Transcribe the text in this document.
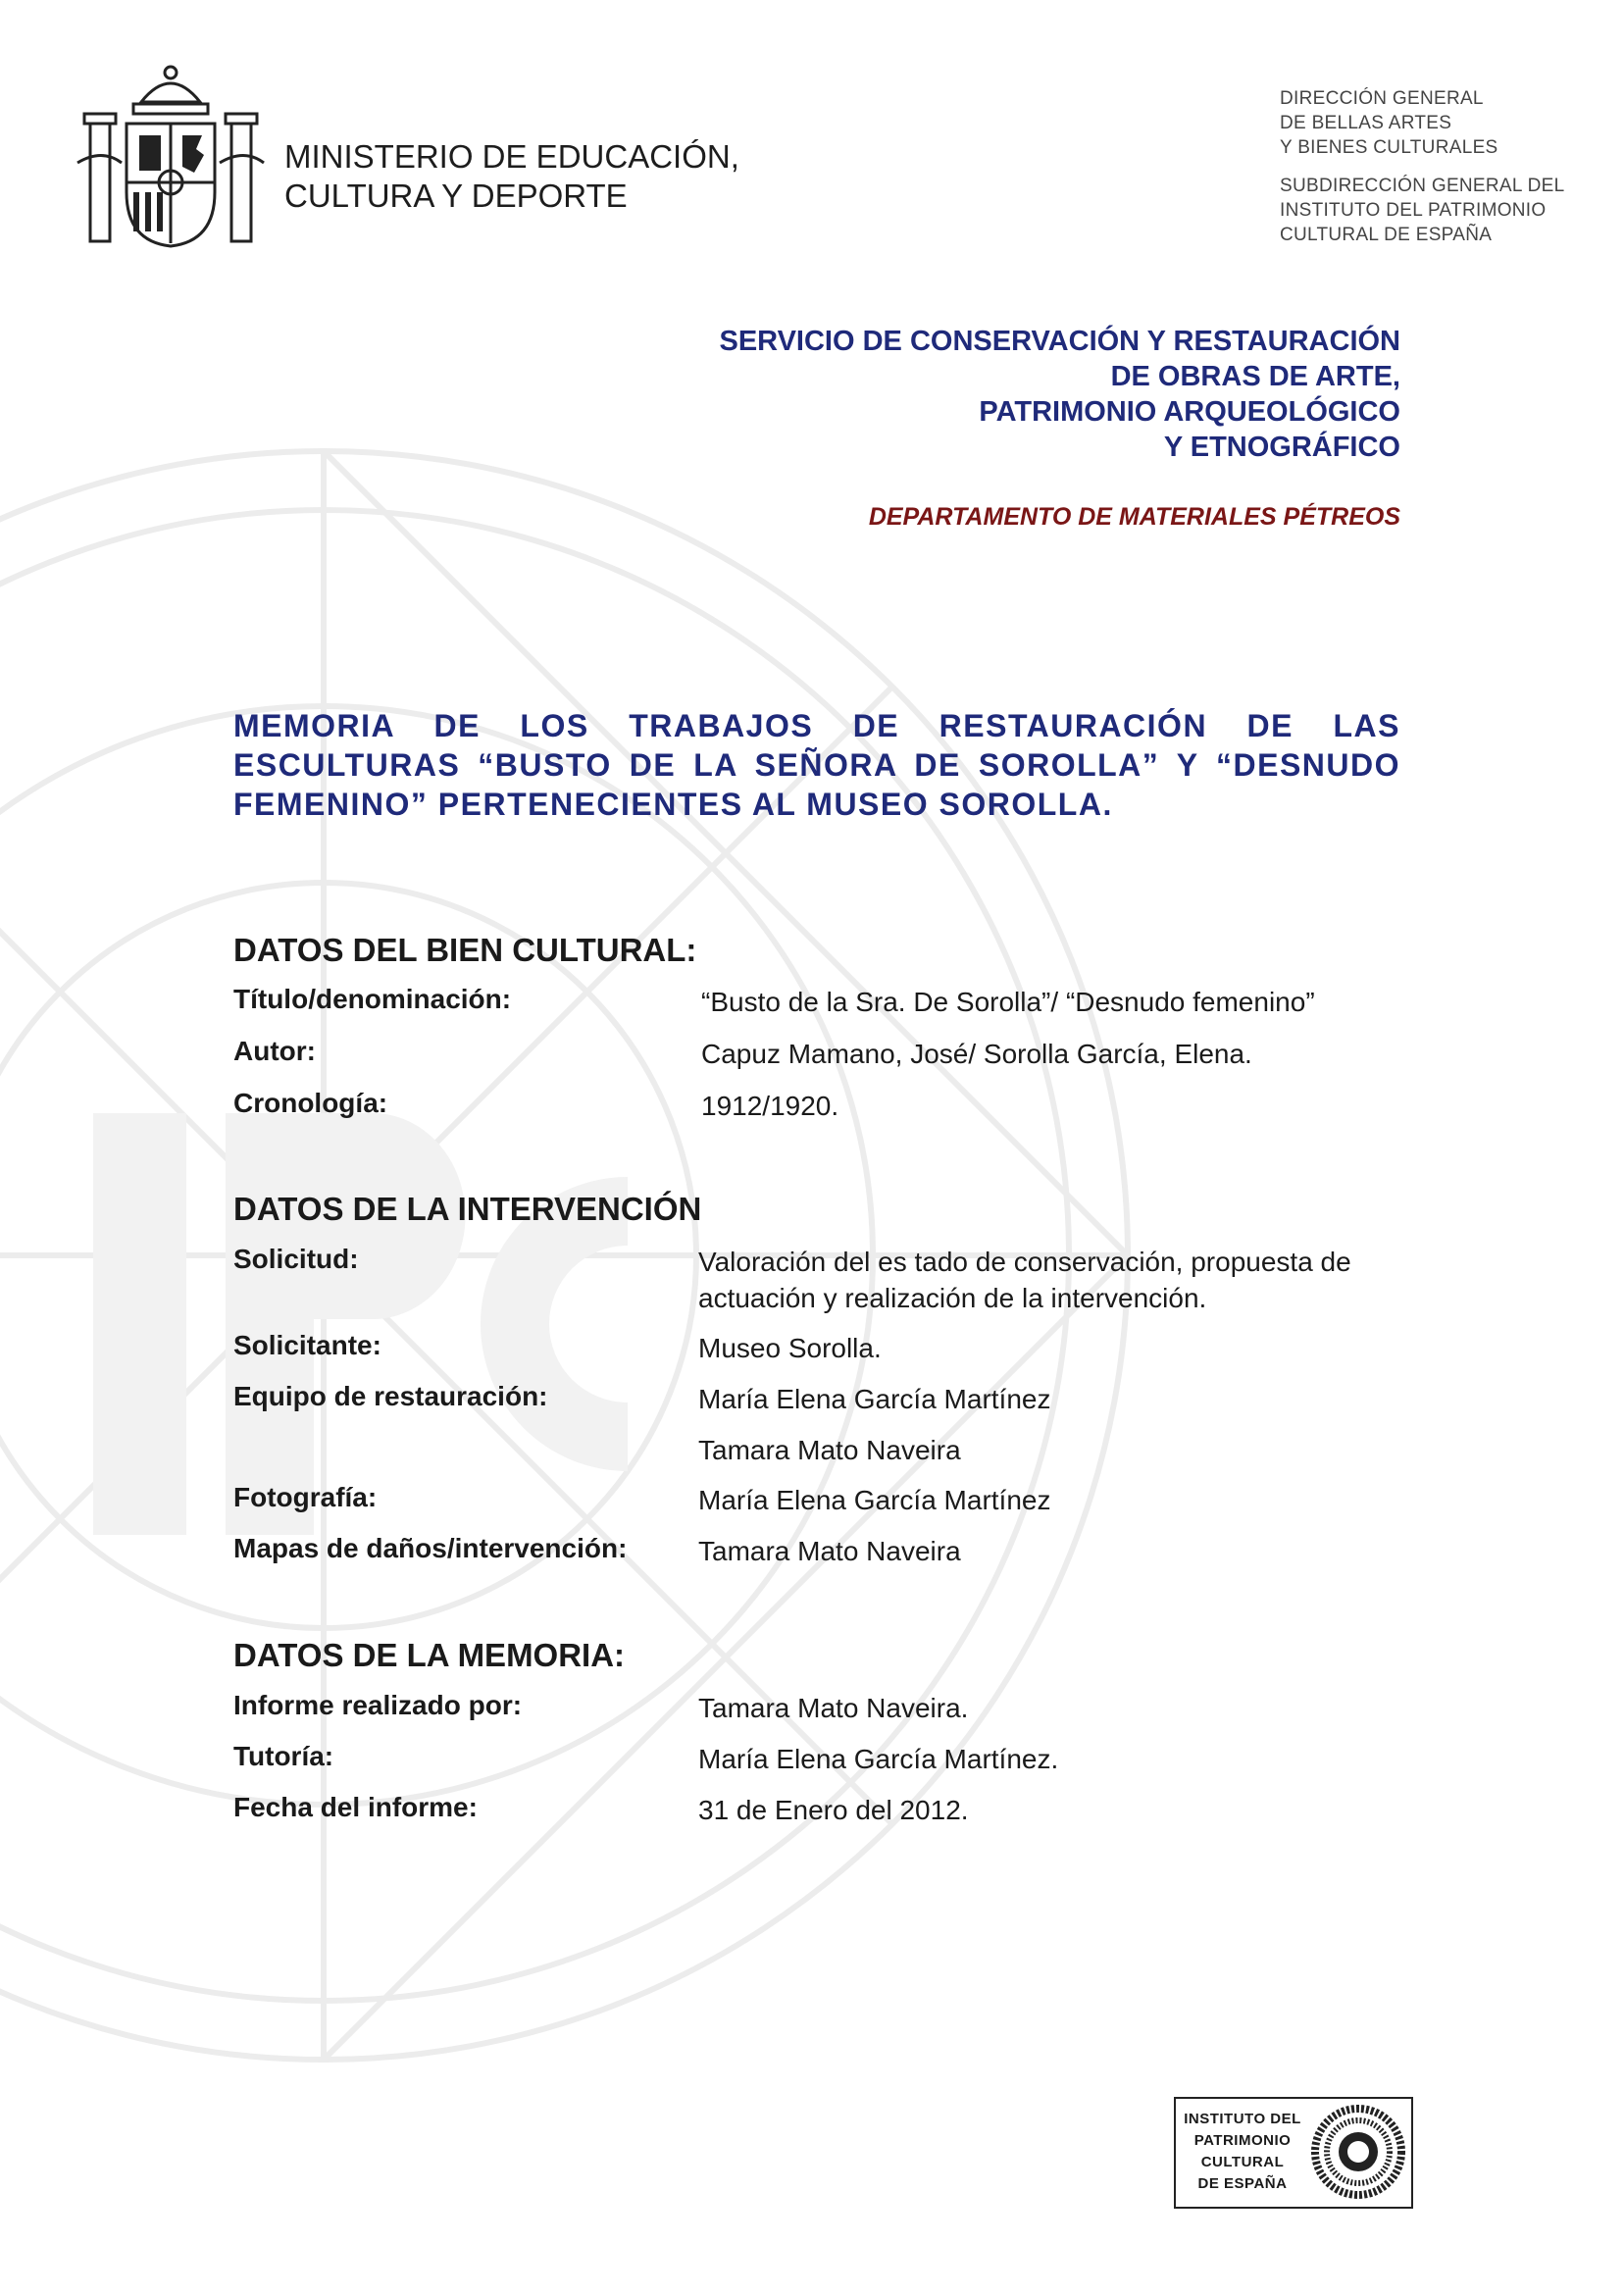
MINISTERIO DE EDUCACIÓN,
CULTURA Y DEPORTE
DIRECCIÓN GENERAL
DE BELLAS ARTES
Y BIENES CULTURALES
SUBDIRECCIÓN GENERAL DEL
INSTITUTO DEL PATRIMONIO
CULTURAL DE ESPAÑA
SERVICIO DE CONSERVACIÓN Y RESTAURACIÓN
DE OBRAS DE ARTE,
PATRIMONIO ARQUEOLÓGICO
Y ETNOGRÁFICO
DEPARTAMENTO DE MATERIALES PÉTREOS
MEMORIA DE LOS TRABAJOS DE RESTAURACIÓN DE LAS ESCULTURAS “BUSTO DE LA SEÑORA DE SOROLLA” Y “DESNUDO FEMENINO” PERTENECIENTES AL MUSEO SOROLLA.
DATOS DEL BIEN CULTURAL:
Título/denominación:	“Busto de la Sra. De Sorolla”/ “Desnudo femenino”
Autor:	Capuz Mamano, José/ Sorolla García, Elena.
Cronología:	1912/1920.
DATOS DE LA INTERVENCIÓN
Solicitud:	Valoración del es tado de conservación, propuesta de actuación y realización de la intervención.
Solicitante:	Museo Sorolla.
Equipo de restauración:	María Elena García Martínez
Tamara Mato Naveira
Fotografía:	María Elena García Martínez
Mapas de daños/intervención:	Tamara Mato Naveira
DATOS DE LA MEMORIA:
Informe realizado por:	Tamara Mato Naveira.
Tutoría:	María Elena García Martínez.
Fecha del informe:	31 de Enero del 2012.
INSTITUTO DEL
PATRIMONIO
CULTURAL
DE ESPAÑA
